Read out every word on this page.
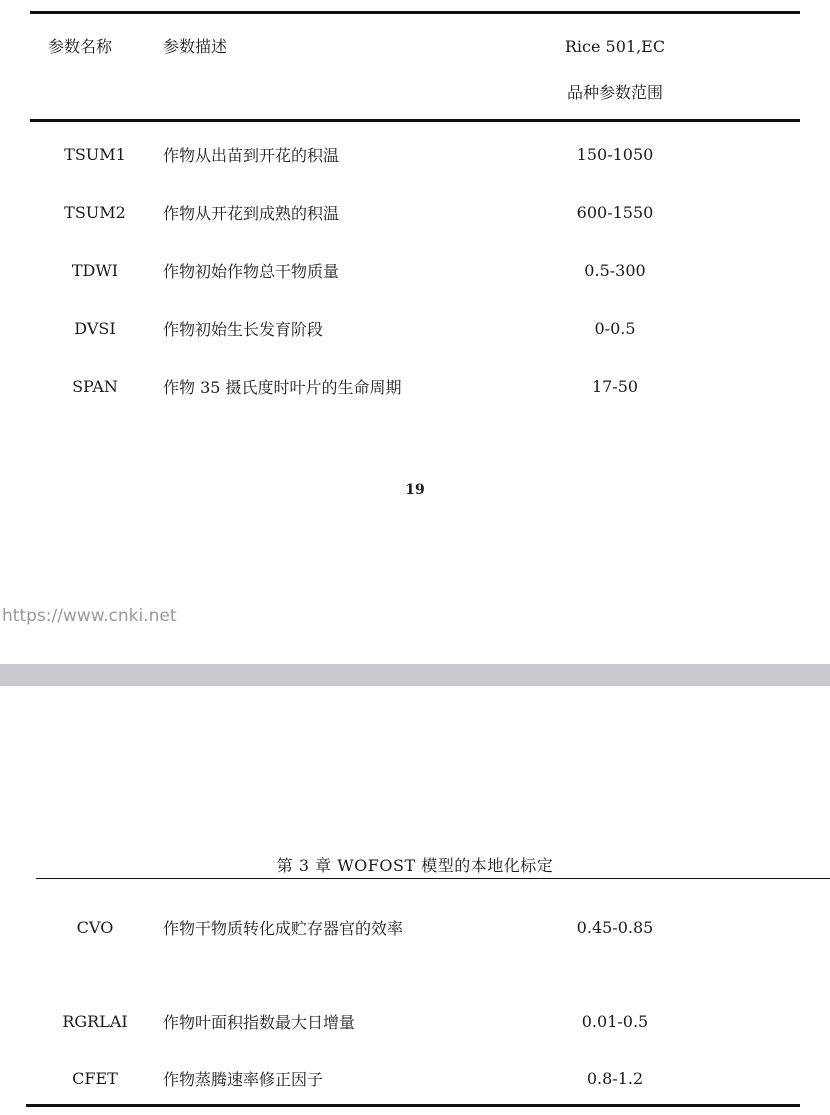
参数名称	参数描述	Rice 501,EC
品种参数范围
TSUM1	作物从出苗到开花的积温	150-1050
TSUM2	作物从开花到成熟的积温	600-1550
TDWI	作物初始作物总干物质量	0.5-300
DVSI	作物初始生长发育阶段	0-0.5
SPAN	作物 35 摄氏度时叶片的生命周期	17-50
19
https://www.cnki.net
第 3 章 WOFOST 模型的本地化标定
CVO	作物干物质转化成贮存器官的效率	0.45-0.85
RGRLAI	作物叶面积指数最大日增量	0.01-0.5
CFET	作物蒸腾速率修正因子	0.8-1.2
